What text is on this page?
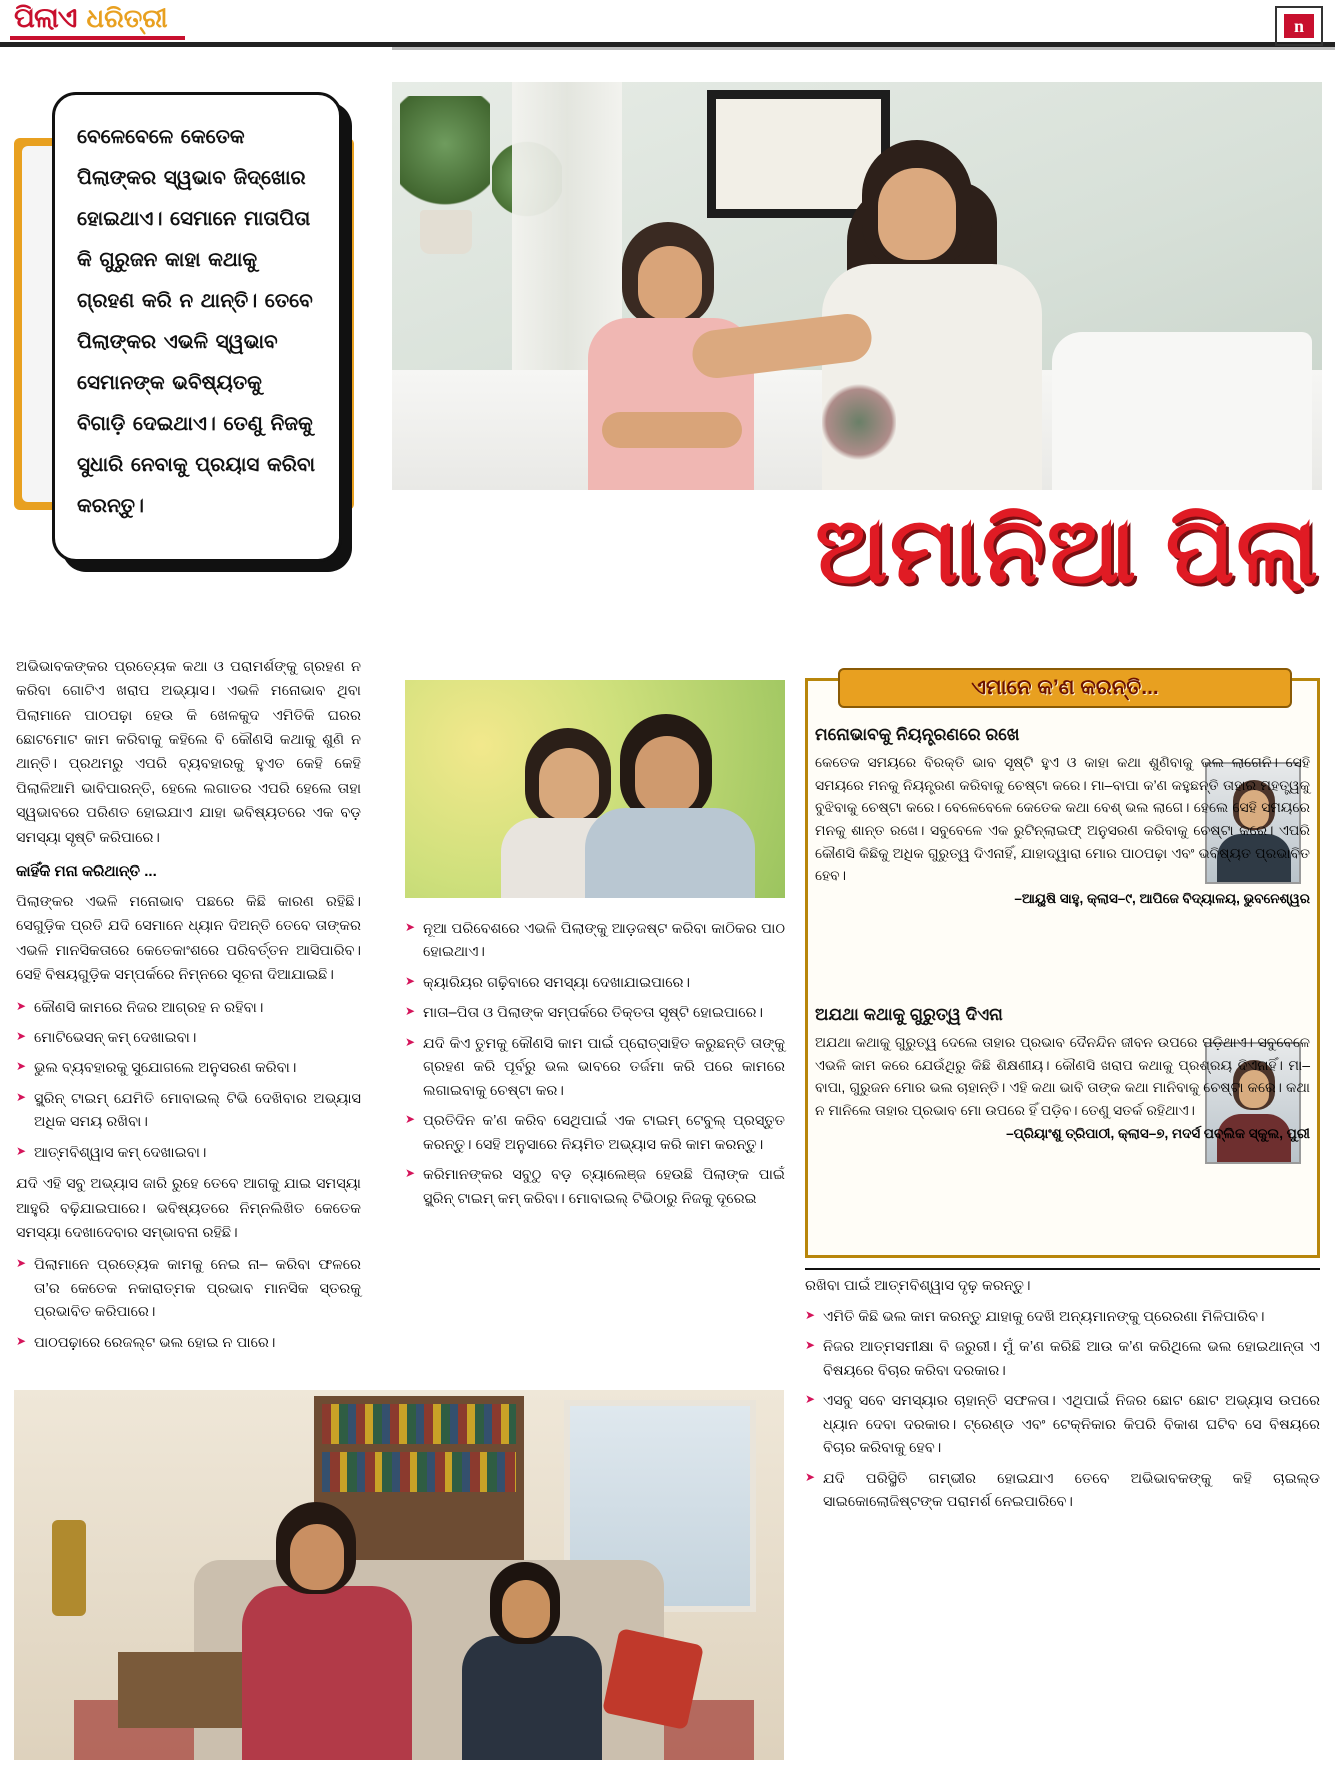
ପିଲାଏ ଧରିତ୍ରୀ	n
ବେଳେବେଳେ କେତେକ ପିଲାଙ୍କର ସ୍ୱଭାବ ଜିଦ୍‌ଖୋର ହୋଇଥାଏ। ସେମାନେ ମାତାପିତା କି ଗୁରୁଜନ କାହା କଥାକୁ ଗ୍ରହଣ କରି ନ ଥାନ୍ତି। ତେବେ ପିଲାଙ୍କର ଏଭଳି ସ୍ୱଭାବ ସେମାନଙ୍କ ଭବିଷ୍ୟତକୁ ବିଗାଡ଼ି ଦେଇଥାଏ। ତେଣୁ ନିଜକୁ ସୁଧାରି ନେବାକୁ ପ୍ରୟାସ କରିବା କରନ୍ତୁ।	ଅମାନିଆ ପିଲା

ଅଭିଭାବକଙ୍କର ପ୍ରତ୍ୟେକ କଥା ଓ ପରାମର୍ଶଙ୍କୁ ଗ୍ରହଣ ନ କରିବା ଗୋଟିଏ ଖରାପ ଅଭ୍ୟାସ। ଏଭଳି ମନୋଭାବ ଥିବା ପିଲାମାନେ ପାଠପଢ଼ା ହେଉ କି ଖେଳକୁଦ ଏମିତିକି ଘରର ଛୋଟମୋଟ କାମ କରିବାକୁ କହିଲେ ବି କୌଣସି କଥାକୁ ଶୁଣି ନ ଥାନ୍ତି। ପ୍ରଥମରୁ ଏପରି ବ୍ୟବହାରକୁ ହୁଏତ କେହି କେହି ପିଲାଳିଆମି ଭାବିପାରନ୍ତି, ହେଲେ ଲଗାତର ଏପରି ହେଲେ ତାହା ସ୍ୱଭାବରେ ପରିଣତ ହୋଇଯାଏ ଯାହା ଭବିଷ୍ୟତରେ ଏକ ବଡ଼ ସମସ୍ୟା ସୃଷ୍ଟି କରିପାରେ।

କାହିଁକି ମନା କରିଥାନ୍ତି ...

ପିଲାଙ୍କର ଏଭଳି ମନୋଭାବ ପଛରେ କିଛି କାରଣ ରହିଛି। ସେଗୁଡ଼ିକ ପ୍ରତି ଯଦି ସେମାନେ ଧ୍ୟାନ ଦିଅନ୍ତି ତେବେ ତାଙ୍କର ଏଭଳି ମାନସିକତାରେ କେତେକାଂଶରେ ପରିବର୍ତ୍ତନ ଆସିପାରିବ। ସେହି ବିଷୟଗୁଡ଼ିକ ସମ୍ପର୍କରେ ନିମ୍ନରେ ସୂଚନା ଦିଆଯାଇଛି।

➤ କୌଣସି କାମରେ ନିଜର ଆଗ୍ରହ ନ ରହିବା।
➤ ମୋଟିଭେସନ୍‌ କମ୍‌ ଦେଖାଇବା।
➤ ଭୁଲ ବ୍ୟବହାରକୁ ସୁଯୋଗଲେ ଅନୁସରଣ କରିବା।
➤ ସ୍କ୍ରିନ୍‌ ଟାଇମ୍‌ ଯେମିତି ମୋବାଇଲ୍‌ ଟିଭି ଦେଖିବାର ଅଭ୍ୟାସ ଅଧିକ ସମୟ ରଖିବା।
➤ ଆତ୍ମବିଶ୍ୱାସ କମ୍‌ ଦେଖାଇବା।

ଯଦି ଏହି ସବୁ ଅଭ୍ୟାସ ଜାରି ରୁହେ ତେବେ ଆଗକୁ ଯାଇ ସମସ୍ୟା ଆହୁରି ବଢ଼ିଯାଇପାରେ। ଭବିଷ୍ୟତରେ ନିମ୍ନଲିଖିତ କେତେକ ସମସ୍ୟା ଦେଖାଦେବାର ସମ୍ଭାବନା ରହିଛି।

➤ ପିଲାମାନେ ପ୍ରତ୍ୟେକ କାମକୁ ନେଇ ନା– କରିବା ଫଳରେ ତା’ର କେତେକ ନକାରାତ୍ମକ ପ୍ରଭାବ ମାନସିକ ସ୍ତରକୁ ପ୍ରଭାବିତ କରିପାରେ।
➤ ପାଠପଢ଼ାରେ ରେଜଲ୍ଟ ଭଲ ହୋଇ ନ ପାରେ।
➤ ନୂଆ ପରିବେଶରେ ଏଭଳି ପିଲାଙ୍କୁ ଆଡ଼ଜଷ୍ଟ କରିବା କାଠିକର ପାଠ ହୋଇଥାଏ।
➤ କ୍ୟାରିୟର ଗଢ଼ିବାରେ ସମସ୍ୟା ଦେଖାଯାଇପାରେ।
➤ ମାତା–ପିତା ଓ ପିଲାଙ୍କ ସମ୍ପର୍କରେ ତିକ୍ତତା ସୃଷ୍ଟି ହୋଇପାରେ।
➤ ଯଦି କିଏ ତୁମକୁ କୌଣସି କାମ ପାଇଁ ପ୍ରୋତ୍ସାହିତ କରୁଛନ୍ତି ତାଙ୍କୁ ଗ୍ରହଣ କରି ପୂର୍ବରୁ ଭଲ ଭାବରେ ତର୍ଜମା କରି ପରେ କାମରେ ଲଗାଇବାକୁ ଚେଷ୍ଟା କର।
➤ ପ୍ରତିଦିନ କ’ଣ କରିବ ସେଥିପାଇଁ ଏକ ଟାଇମ୍‌ ଟେବୁଲ୍‌ ପ୍ରସ୍ତୁତ କରନ୍ତୁ। ସେହି ଅନୁସାରେ ନିୟମିତ ଅଭ୍ୟାସ କରି କାମ କରନ୍ତୁ।
➤ କରିମାନଙ୍କର ସବୁଠୁ ବଡ଼ ଚ୍ୟାଲେଞ୍ଜ ହେଉଛି ପିଲାଙ୍କ ପାଇଁ ସ୍କ୍ରିନ୍‌ ଟାଇମ୍‌ କମ୍‌ କରିବା। ମୋବାଇଲ୍‌ ଟିଭିଠାରୁ ନିଜକୁ ଦୂରେଇ
ଏମାନେ କ’ଣ କରନ୍ତି...
ମନୋଭାବକୁ ନିୟନ୍ତ୍ରଣରେ ରଖେ
କେତେକ ସମୟରେ ବିରକ୍ତି ଭାବ ସୃଷ୍ଟି ହୁଏ ଓ କାହା କଥା ଶୁଣିବାକୁ ଭଲ ଲାଗେନି। ସେହି ସମୟରେ ମନକୁ ନିୟନ୍ତ୍ରଣ କରିବାକୁ ଚେଷ୍ଟା କରେ। ମା–ବାପା କ’ଣ କହୁଛନ୍ତି ତାହାର ମହତ୍ତ୍ୱକୁ ବୁଝିବାକୁ ଚେଷ୍ଟା କରେ। ବେଳେବେଳେ କେତେକ କଥା ବେଶ୍‌ ଭଲ ଲାଗେ। ହେଲେ ସେହି ସମୟରେ ମନକୁ ଶାନ୍ତ ରଖେ। ସବୁବେଳେ ଏକ ରୁଟିନ୍‌ଲାଇଫ୍‌ ଅନୁସରଣ କରିବାକୁ ଚେଷ୍ଟା କରେ। ଏପରି କୌଣସି କିଛିକୁ ଅଧିକ ଗୁରୁତ୍ୱ ଦିଏନାହିଁ, ଯାହାଦ୍ୱାରା ମୋର ପାଠପଢ଼ା ଏବଂ ଭବିଷ୍ୟତ ପ୍ରଭାବିତ ହେବ।
–ଆୟୁଷି ସାହୁ, କ୍ଲାସ–୯, ଆପିଜେ ବିଦ୍ୟାଳୟ, ଭୁବନେଶ୍ୱର
ଅଯଥା କଥାକୁ ଗୁରୁତ୍ୱ ଦିଏନା
ଅଯଥା କଥାକୁ ଗୁରୁତ୍ୱ ଦେଲେ ତାହାର ପ୍ରଭାବ ଦୈନନ୍ଦିନ ଜୀବନ ଉପରେ ପଡ଼ିଥାଏ। ସବୁବେଳେ ଏଭଳି କାମ କରେ ଯେଉଁଥିରୁ କିଛି ଶିକ୍ଷଣୀୟ। କୌଣସି ଖରାପ କଥାକୁ ପ୍ରଶ୍ରୟ ଦିଏନାହିଁ। ମା–ବାପା, ଗୁରୁଜନ ମୋର ଭଲ ଚାହାନ୍ତି। ଏହି କଥା ଭାବି ତାଙ୍କ କଥା ମାନିବାକୁ ଚେଷ୍ଟା କରେ। କଥା ନ ମାନିଲେ ତାହାର ପ୍ରଭାବ ମୋ ଉପରେ ହିଁ ପଡ଼ିବ। ତେଣୁ ସତର୍କ ରହିଥାଏ।
–ପ୍ରିୟାଂଶୁ ତ୍ରିପାଠୀ, କ୍ଲାସ–୭, ମଦର୍ସ ପବ୍ଲିକ ସ୍କୁଲ, ପୁରୀ

ରଖିବା ପାଇଁ ଆତ୍ମବିଶ୍ୱାସ ଦୃଢ଼ କରନ୍ତୁ।

➤ ଏମିତି କିଛି ଭଲ କାମ କରନ୍ତୁ ଯାହାକୁ ଦେଖି ଅନ୍ୟମାନଙ୍କୁ ପ୍ରେରଣା ମିଳିପାରିବ।
➤ ନିଜର ଆତ୍ମସମୀକ୍ଷା ବି ଜରୁରୀ। ମୁଁ କ’ଣ କରିଛି ଆଉ କ’ଣ କରିଥିଲେ ଭଲ ହୋଇଥାନ୍ତା ଏ ବିଷୟରେ ବିଚାର କରିବା ଦରକାର।
➤ ଏସବୁ ସବେ ସମସ୍ୟାର ଚାହାନ୍ତି ସଫଳତା। ଏଥିପାଇଁ ନିଜର ଛୋଟ ଛୋଟ ଅଭ୍ୟାସ ଉପରେ ଧ୍ୟାନ ଦେବା ଦରକାର। ଟ୍ରେଣ୍ଡ ଏବଂ ଟେକ୍ନିକାର କିପରି ବିକାଶ ଘଟିବ ସେ ବିଷୟରେ ବିଚାର କରିବାକୁ ହେବ।
➤ ଯଦି ପରିସ୍ଥିତି ଗମ୍ଭୀର ହୋଇଯାଏ ତେବେ ଅଭିଭାବକଙ୍କୁ କହି ଚାଇଲ୍ଡ ସାଇକୋଲୋଜିଷ୍ଟଙ୍କ ପରାମର୍ଶ ନେଇପାରିବେ।
